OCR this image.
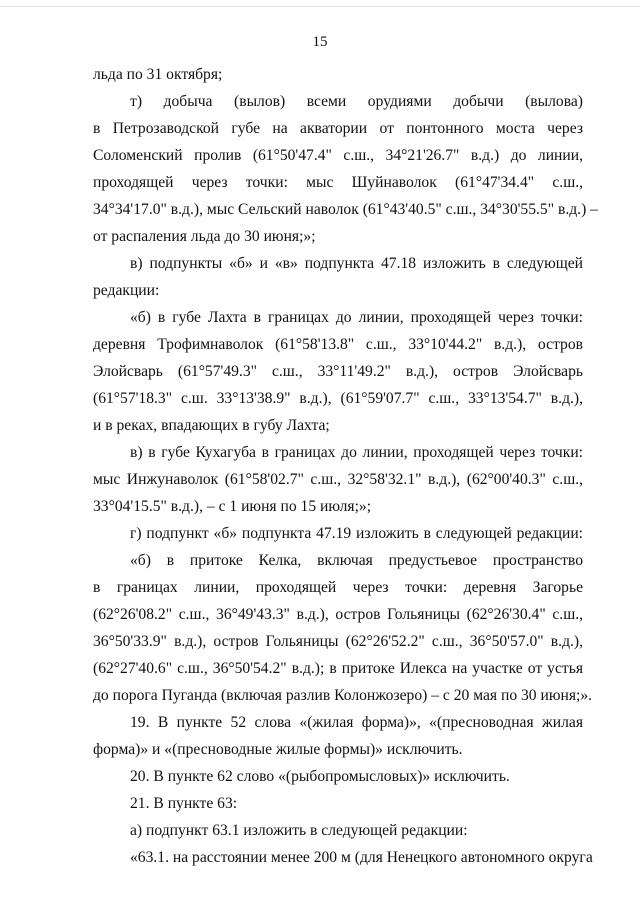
15
льда по 31 октября;
т) добыча (вылов) всеми орудиями добычи (вылова)
в Петрозаводской губе на акватории от понтонного моста через
Соломенский пролив (61°50'47.4" с.ш., 34°21'26.7" в.д.) до линии,
проходящей через точки: мыс Шуйнаволок (61°47'34.4" с.ш.,
34°34'17.0" в.д.), мыс Сельский наволок (61°43'40.5" с.ш., 34°30'55.5" в.д.) –
от распаления льда до 30 июня;»;
в) подпункты «б» и «в» подпункта 47.18 изложить в следующей
редакции:
«б) в губе Лахта в границах до линии, проходящей через точки:
деревня Трофимнаволок (61°58'13.8" с.ш., 33°10'44.2" в.д.), остров
Элойсварь (61°57'49.3" с.ш., 33°11'49.2" в.д.), остров Элойсварь
(61°57'18.3" с.ш. 33°13'38.9" в.д.), (61°59'07.7" с.ш., 33°13'54.7" в.д.),
и в реках, впадающих в губу Лахта;
в) в губе Кухагуба в границах до линии, проходящей через точки:
мыс Инжунаволок (61°58'02.7" с.ш., 32°58'32.1" в.д.), (62°00'40.3" с.ш.,
33°04'15.5" в.д.), – с 1 июня по 15 июля;»;
г) подпункт «б» подпункта 47.19 изложить в следующей редакции:
«б) в притоке Келка, включая предустьевое пространство
в границах линии, проходящей через точки: деревня Загорье
(62°26'08.2" с.ш., 36°49'43.3" в.д.), остров Гольяницы (62°26'30.4" с.ш.,
36°50'33.9" в.д.), остров Гольяницы (62°26'52.2" с.ш., 36°50'57.0" в.д.),
(62°27'40.6" с.ш., 36°50'54.2" в.д.); в притоке Илекса на участке от устья
до порога Пуганда (включая разлив Колонжозеро) – с 20 мая по 30 июня;».
19. В пункте 52 слова «(жилая форма)», «(пресноводная жилая
форма)» и «(пресноводные жилые формы)» исключить.
20. В пункте 62 слово «(рыбопромысловых)» исключить.
21. В пункте 63:
а) подпункт 63.1 изложить в следующей редакции:
«63.1. на расстоянии менее 200 м (для Ненецкого автономного округа
